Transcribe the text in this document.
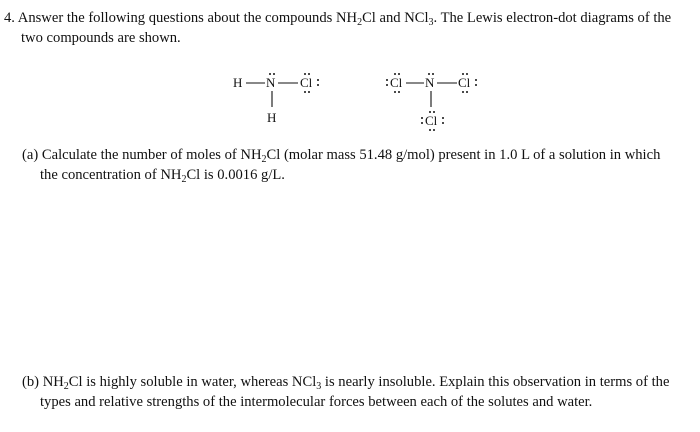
4. Answer the following questions about the compounds $NH_2Cl$ and NCl$_3$. The Lewis electron-dot diagrams of the
two compounds are shown.
H N Cl
H
Cl N Cl
Cl
(a) Calculate the number of moles of $NH_2Cl$ (molar mass 51.48 g/mol) present in 1.0 L of a solution in which
the concentration of $NH_2Cl$ is 0.0016 g/L.
(b) $NH_2Cl$ is highly soluble in water, whereas NCl$_3$ is nearly insoluble. Explain this observation in terms of the
types and relative strengths of the intermolecular forces between each of the solutes and water.
